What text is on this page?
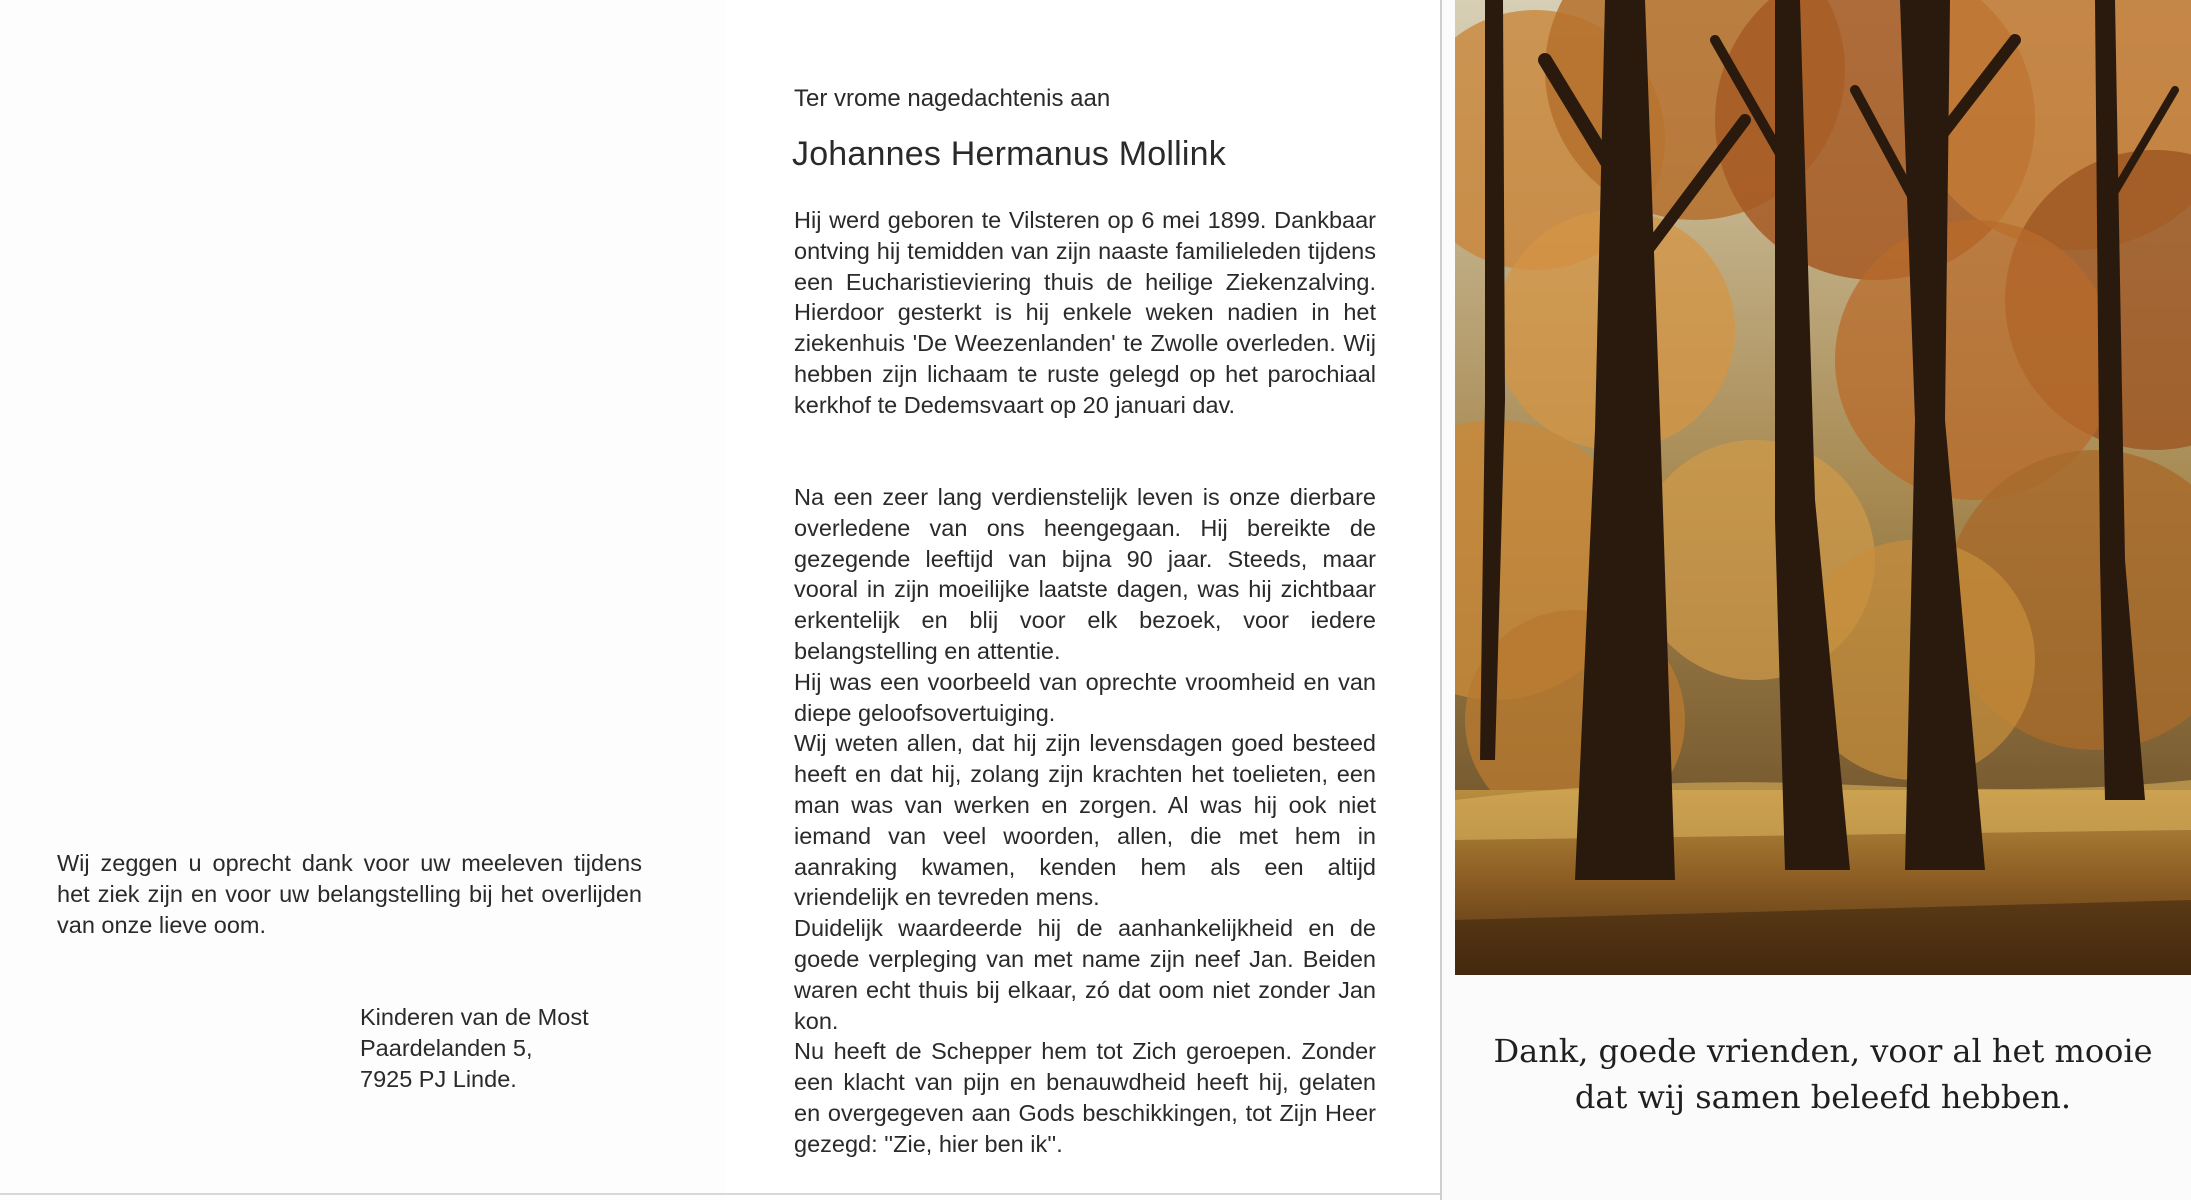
Wij zeggen u oprecht dank voor uw meeleven tijdens het ziek zijn en voor uw belangstelling bij het overlijden van onze lieve oom.

Kinderen van de Most
Paardelanden 5,
7925 PJ Linde.
Ter vrome nagedachtenis aan
Johannes Hermanus Mollink

Hij werd geboren te Vilsteren op 6 mei 1899. Dankbaar ontving hij temidden van zijn naaste familieleden tijdens een Eucharistieviering thuis de heilige Ziekenzalving. Hierdoor gesterkt is hij enkele weken nadien in het ziekenhuis 'De Weezenlanden' te Zwolle overleden. Wij hebben zijn lichaam te ruste gelegd op het parochiaal kerkhof te Dedemsvaart op 20 januari dav.

Na een zeer lang verdienstelijk leven is onze dierbare overledene van ons heengegaan. Hij bereikte de gezegende leeftijd van bijna 90 jaar. Steeds, maar vooral in zijn moeilijke laatste dagen, was hij zichtbaar erkentelijk en blij voor elk bezoek, voor iedere belangstelling en attentie.
Hij was een voorbeeld van oprechte vroomheid en van diepe geloofsovertuiging.
Wij weten allen, dat hij zijn levensdagen goed besteed heeft en dat hij, zolang zijn krachten het toelieten, een man was van werken en zorgen. Al was hij ook niet iemand van veel woorden, allen, die met hem in aanraking kwamen, kenden hem als een altijd vriendelijk en tevreden mens.
Duidelijk waardeerde hij de aanhankelijkheid en de goede verpleging van met name zijn neef Jan. Beiden waren echt thuis bij elkaar, zó dat oom niet zonder Jan kon.
Nu heeft de Schepper hem tot Zich geroepen. Zonder een klacht van pijn en benauwdheid heeft hij, gelaten en overgegeven aan Gods beschikkingen, tot Zijn Heer gezegd: ''Zie, hier ben ik''.

Dank, goede vrienden, voor al het mooie
dat wij samen beleefd hebben.
